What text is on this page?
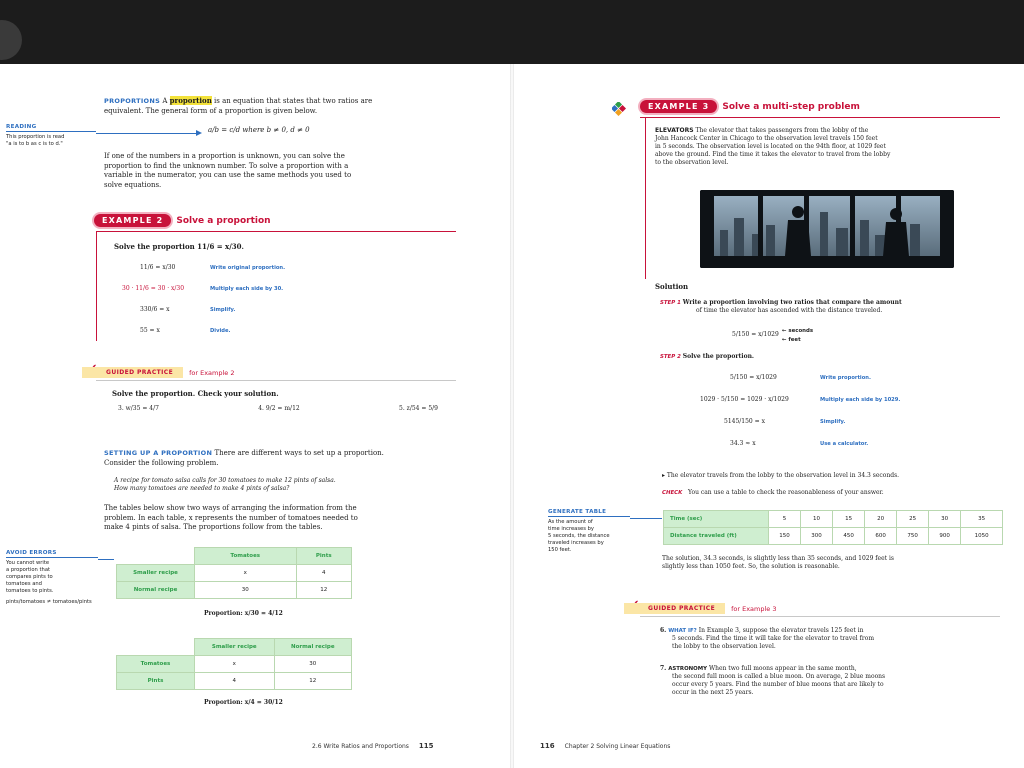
PROPORTIONS A proportion is an equation that states that two ratios are
equivalent. The general form of a proportion is given below.
a/b = c/d where b ≠ 0, d ≠ 0
If one of the numbers in a proportion is unknown, you can solve the
proportion to find the unknown number. To solve a proportion with a
variable in the numerator, you can use the same methods you used to
solve equations.
READING
This proportion is read
"a is to b as c is to d."
EXAMPLE 2	Solve a proportion
Solve the proportion 11/6 = x/30.
11/6 = x/30	Write original proportion.
30 · 11/6 = 30 · x/30	Multiply each side by 30.
330/6 = x	Simplify.
55 = x	Divide.
GUIDED PRACTICE	for Example 2
Solve the proportion. Check your solution.
3. w/35 = 4/7	4. 9/2 = m/12	5. z/54 = 5/9
SETTING UP A PROPORTION There are different ways to set up a proportion.
Consider the following problem.
A recipe for tomato salsa calls for 30 tomatoes to make 12 pints of salsa.
How many tomatoes are needed to make 4 pints of salsa?
The tables below show two ways of arranging the information from the
problem. In each table, x represents the number of tomatoes needed to
make 4 pints of salsa. The proportions follow from the tables.
AVOID ERRORS
You cannot write
a proportion that
compares pints to
tomatoes and
tomatoes to pints.
pints/tomatoes ≠ tomatoes/pints
	Tomatoes	Pints
Smaller recipe	x	4
Normal recipe	30	12
Proportion: x/30 = 4/12
	Smaller recipe	Normal recipe
Tomatoes	x	30
Pints	4	12
Proportion: x/4 = 30/12
2.6 Write Ratios and Proportions 115
EXAMPLE 3	Solve a multi-step problem
ELEVATORS The elevator that takes passengers from the lobby of the
John Hancock Center in Chicago to the observation level travels 150 feet
in 5 seconds. The observation level is located on the 94th floor, at 1029 feet
above the ground. Find the time it takes the elevator to travel from the lobby
to the observation level.
Solution
STEP 1 Write a proportion involving two ratios that compare the amount
of time the elevator has ascended with the distance traveled.
5/150 = x/1029 ← seconds
← feet
STEP 2 Solve the proportion.
5/150 = x/1029	Write proportion.
1029 · 5/150 = 1029 · x/1029	Multiply each side by 1029.
5145/150 = x	Simplify.
34.3 ≈ x	Use a calculator.
▸ The elevator travels from the lobby to the observation level in 34.3 seconds.
CHECK You can use a table to check the reasonableness of your answer.
GENERATE TABLE
As the amount of
time increases by
5 seconds, the distance
traveled increases by
150 feet.
Time (sec)	5	10	15	20	25	30	35
Distance traveled (ft)	150	300	450	600	750	900	1050
The solution, 34.3 seconds, is slightly less than 35 seconds, and 1029 feet is
slightly less than 1050 feet. So, the solution is reasonable.
GUIDED PRACTICE	for Example 3
6. WHAT IF? In Example 3, suppose the elevator travels 125 feet in
5 seconds. Find the time it will take for the elevator to travel from
the lobby to the observation level.
7. ASTRONOMY When two full moons appear in the same month,
the second full moon is called a blue moon. On average, 2 blue moons
occur every 5 years. Find the number of blue moons that are likely to
occur in the next 25 years.
116 Chapter 2 Solving Linear Equations
